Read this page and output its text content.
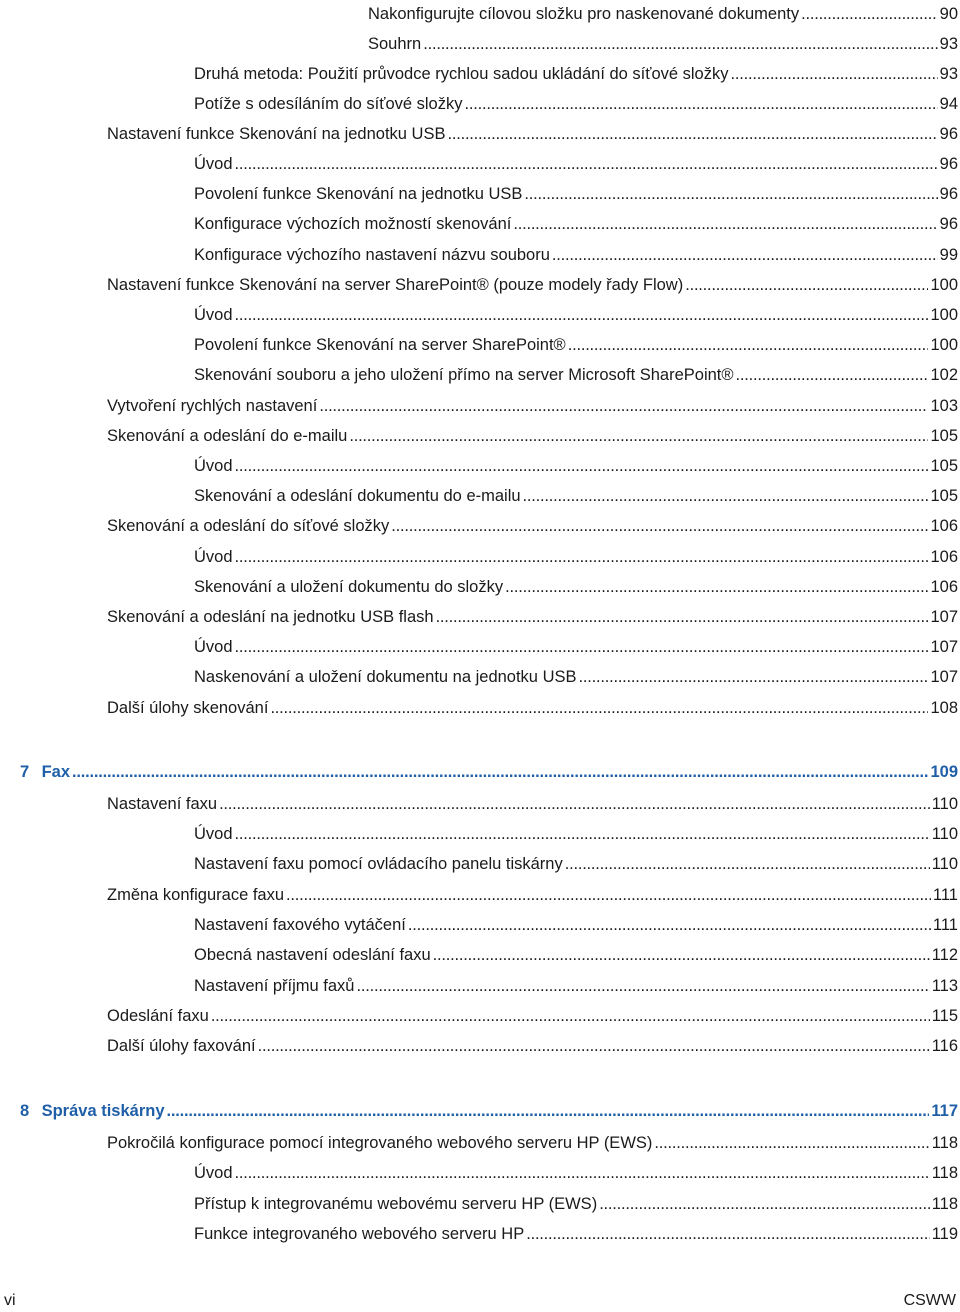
Nakonfigurujte cílovou složku pro naskenované dokumenty . . .	90
Souhrn . . .	93
Druhá metoda: Použití průvodce rychlou sadou ukládání do síťové složky . . .	93
Potíže s odesíláním do síťové složky . . .	94
Nastavení funkce Skenování na jednotku USB . . .	96
Úvod . . .	96
Povolení funkce Skenování na jednotku USB . . .	96
Konfigurace výchozích možností skenování . . .	96
Konfigurace výchozího nastavení názvu souboru . . .	99
Nastavení funkce Skenování na server SharePoint® (pouze modely řady Flow) . . .	100
Úvod . . .	100
Povolení funkce Skenování na server SharePoint® . . .	100
Skenování souboru a jeho uložení přímo na server Microsoft SharePoint® . . .	102
Vytvoření rychlých nastavení . . .	103
Skenování a odeslání do e-mailu . . .	105
Úvod . . .	105
Skenování a odeslání dokumentu do e-mailu . . .	105
Skenování a odeslání do síťové složky . . .	106
Úvod . . .	106
Skenování a uložení dokumentu do složky . . .	106
Skenování a odeslání na jednotku USB flash . . .	107
Úvod . . .	107
Naskenování a uložení dokumentu na jednotku USB . . .	107
Další úlohy skenování . . .	108
7 Fax . . .	109
Nastavení faxu . . .	110
Úvod . . .	110
Nastavení faxu pomocí ovládacího panelu tiskárny . . .	110
Změna konfigurace faxu . . .	111
Nastavení faxového vytáčení . . .	111
Obecná nastavení odeslání faxu . . .	112
Nastavení příjmu faxů . . .	113
Odeslání faxu . . .	115
Další úlohy faxování . . .	116
8 Správa tiskárny . . .	117
Pokročilá konfigurace pomocí integrovaného webového serveru HP (EWS) . . .	118
Úvod . . .	118
Přístup k integrovanému webovému serveru HP (EWS) . . .	118
Funkce integrovaného webového serveru HP . . .	119
vi	CSWW
